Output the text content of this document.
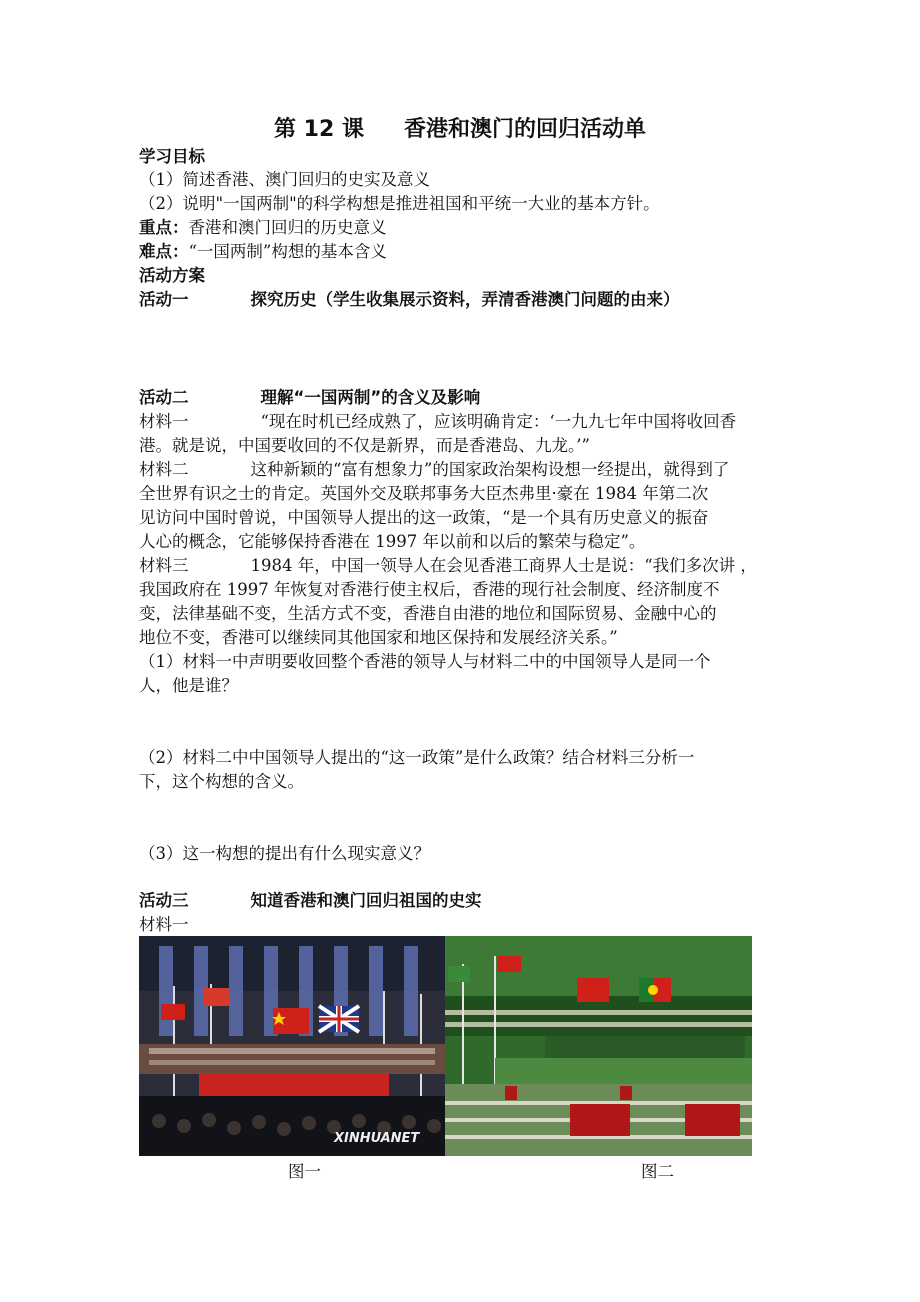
第 12 课 香港和澳门的回归活动单
学习目标
（1）简述香港、澳门回归的史实及意义
（2）说明"一国两制"的科学构想是推进祖国和平统一大业的基本方针。
重点：香港和澳门回归的历史意义
难点：“一国两制”构想的基本含义
活动方案
活动一	探究历史（学生收集展示资料，弄清香港澳门问题的由来）
活动二	理解“一国两制”的含义及影响
材料一	“现在时机已经成熟了，应该明确肯定：‘一九九七年中国将收回香
港。就是说，中国要收回的不仅是新界，而是香港岛、九龙。’”
材料二	这种新颖的“富有想象力”的国家政治架构设想一经提出，就得到了
全世界有识之士的肯定。英国外交及联邦事务大臣杰弗里·豪在 1984 年第二次
见访问中国时曾说，中国领导人提出的这一政策，“是一个具有历史意义的振奋
人心的概念，它能够保持香港在 1997 年以前和以后的繁荣与稳定”。
材料三	1984 年，中国一领导人在会见香港工商界人士是说：“我们多次讲 ，
我国政府在 1997 年恢复对香港行使主权后，香港的现行社会制度、经济制度不
变，法律基础不变，生活方式不变，香港自由港的地位和国际贸易、金融中心的
地位不变，香港可以继续同其他国家和地区保持和发展经济关系。”
（1）材料一中声明要收回整个香港的领导人与材料二中的中国领导人是同一个
人，他是谁？
（2）材料二中中国领导人提出的“这一政策”是什么政策？结合材料三分析一
下，这个构想的含义。
（3）这一构想的提出有什么现实意义？
活动三	知道香港和澳门回归祖国的史实
材料一
XINHUANET
图一	图二
